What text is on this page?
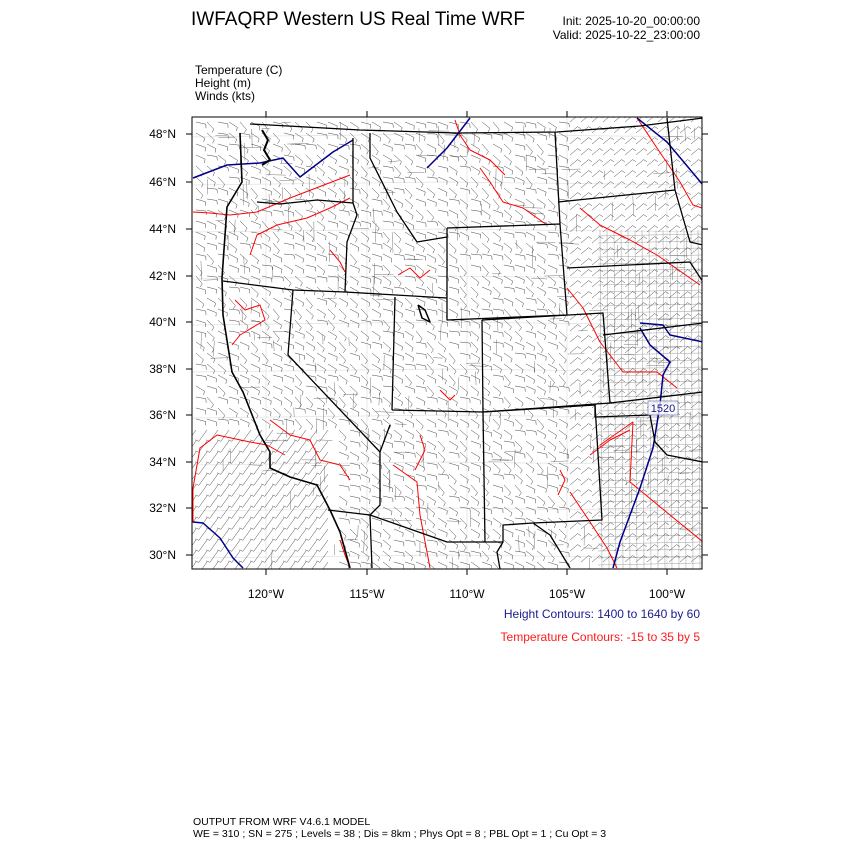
IWFAQRP Western US Real Time WRF	Init: 2025-10-20_00:00:00
Valid: 2025-10-22_23:00:00
Temperature (C)
Height (m)
Winds (kts)
1520
48°N
46°N
44°N
42°N
40°N
38°N
36°N
34°N
32°N
30°N
120°W	115°W	110°W	105°W	100°W
Height Contours: 1400 to 1640 by 60
Temperature Contours: -15 to 35 by 5
OUTPUT FROM WRF V4.6.1 MODEL
WE = 310 ; SN = 275 ; Levels = 38 ; Dis = 8km ; Phys Opt = 8 ; PBL Opt = 1 ; Cu Opt = 3
